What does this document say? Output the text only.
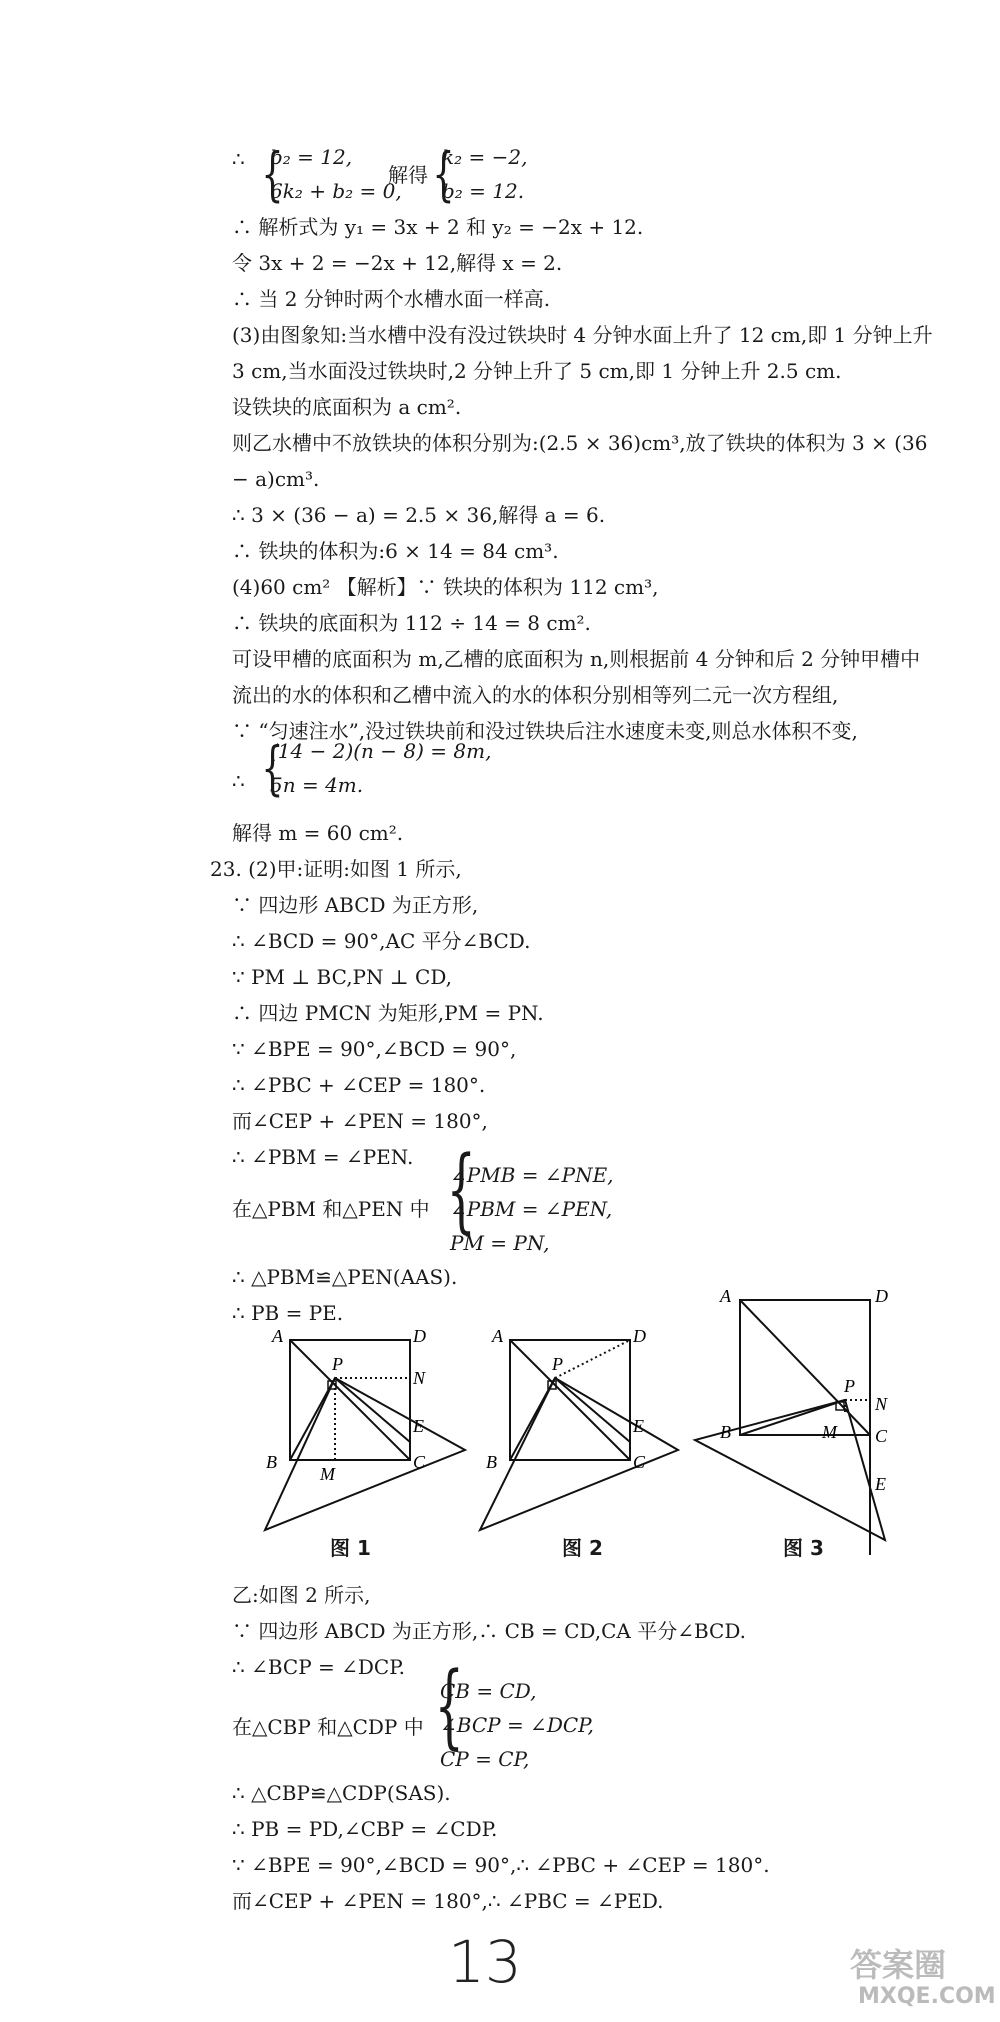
∴ {
b₂ = 12,
6k₂ + b₂ = 0,
解得 {
k₂ = −2,
b₂ = 12.
∴ 解析式为 y₁ = 3x + 2 和 y₂ = −2x + 12.
令 3x + 2 = −2x + 12,解得 x = 2.
∴ 当 2 分钟时两个水槽水面一样高.
(3)由图象知:当水槽中没有没过铁块时 4 分钟水面上升了 12 cm,即 1 分钟上升
3 cm,当水面没过铁块时,2 分钟上升了 5 cm,即 1 分钟上升 2.5 cm.
设铁块的底面积为 a cm².
则乙水槽中不放铁块的体积分别为:(2.5 × 36)cm³,放了铁块的体积为 3 × (36
− a)cm³.
∴ 3 × (36 − a) = 2.5 × 36,解得 a = 6.
∴ 铁块的体积为:6 × 14 = 84 cm³.
(4)60 cm² 【解析】∵ 铁块的体积为 112 cm³,
∴ 铁块的底面积为 112 ÷ 14 = 8 cm².
可设甲槽的底面积为 m,乙槽的底面积为 n,则根据前 4 分钟和后 2 分钟甲槽中
流出的水的体积和乙槽中流入的水的体积分别相等列二元一次方程组,
∵ “匀速注水”,没过铁块前和没过铁块后注水速度未变,则总水体积不变,
∴ {
(14 − 2)(n − 8) = 8m,
5n = 4m.
解得 m = 60 cm².
23. (2)甲:证明:如图 1 所示,
∵ 四边形 ABCD 为正方形,
∴ ∠BCD = 90°,AC 平分∠BCD.
∵ PM ⊥ BC,PN ⊥ CD,
∴ 四边 PMCN 为矩形,PM = PN.
∵ ∠BPE = 90°,∠BCD = 90°,
∴ ∠PBC + ∠CEP = 180°.
而∠CEP + ∠PEN = 180°,
∴ ∠PBM = ∠PEN.
在△PBM 和△PEN 中 {
∠PMB = ∠PNE,
∠PBM = ∠PEN,
PM = PN,
∴ △PBM≌△PEN(AAS).
∴ PB = PE.
A	D
P
N
E
B	C
M
A	D
P
E
B	C
A	D
P
N
B	C
M
E
图 1	图 2	图 3
乙:如图 2 所示,
∵ 四边形 ABCD 为正方形,∴ CB = CD,CA 平分∠BCD.
∴ ∠BCP = ∠DCP.
在△CBP 和△CDP 中 {
CB = CD,
∠BCP = ∠DCP,
CP = CP,
∴ △CBP≌△CDP(SAS).
∴ PB = PD,∠CBP = ∠CDP.
∵ ∠BPE = 90°,∠BCD = 90°,∴ ∠PBC + ∠CEP = 180°.
而∠CEP + ∠PEN = 180°,∴ ∠PBC = ∠PED.
13	答案圈
MXQE.COM
